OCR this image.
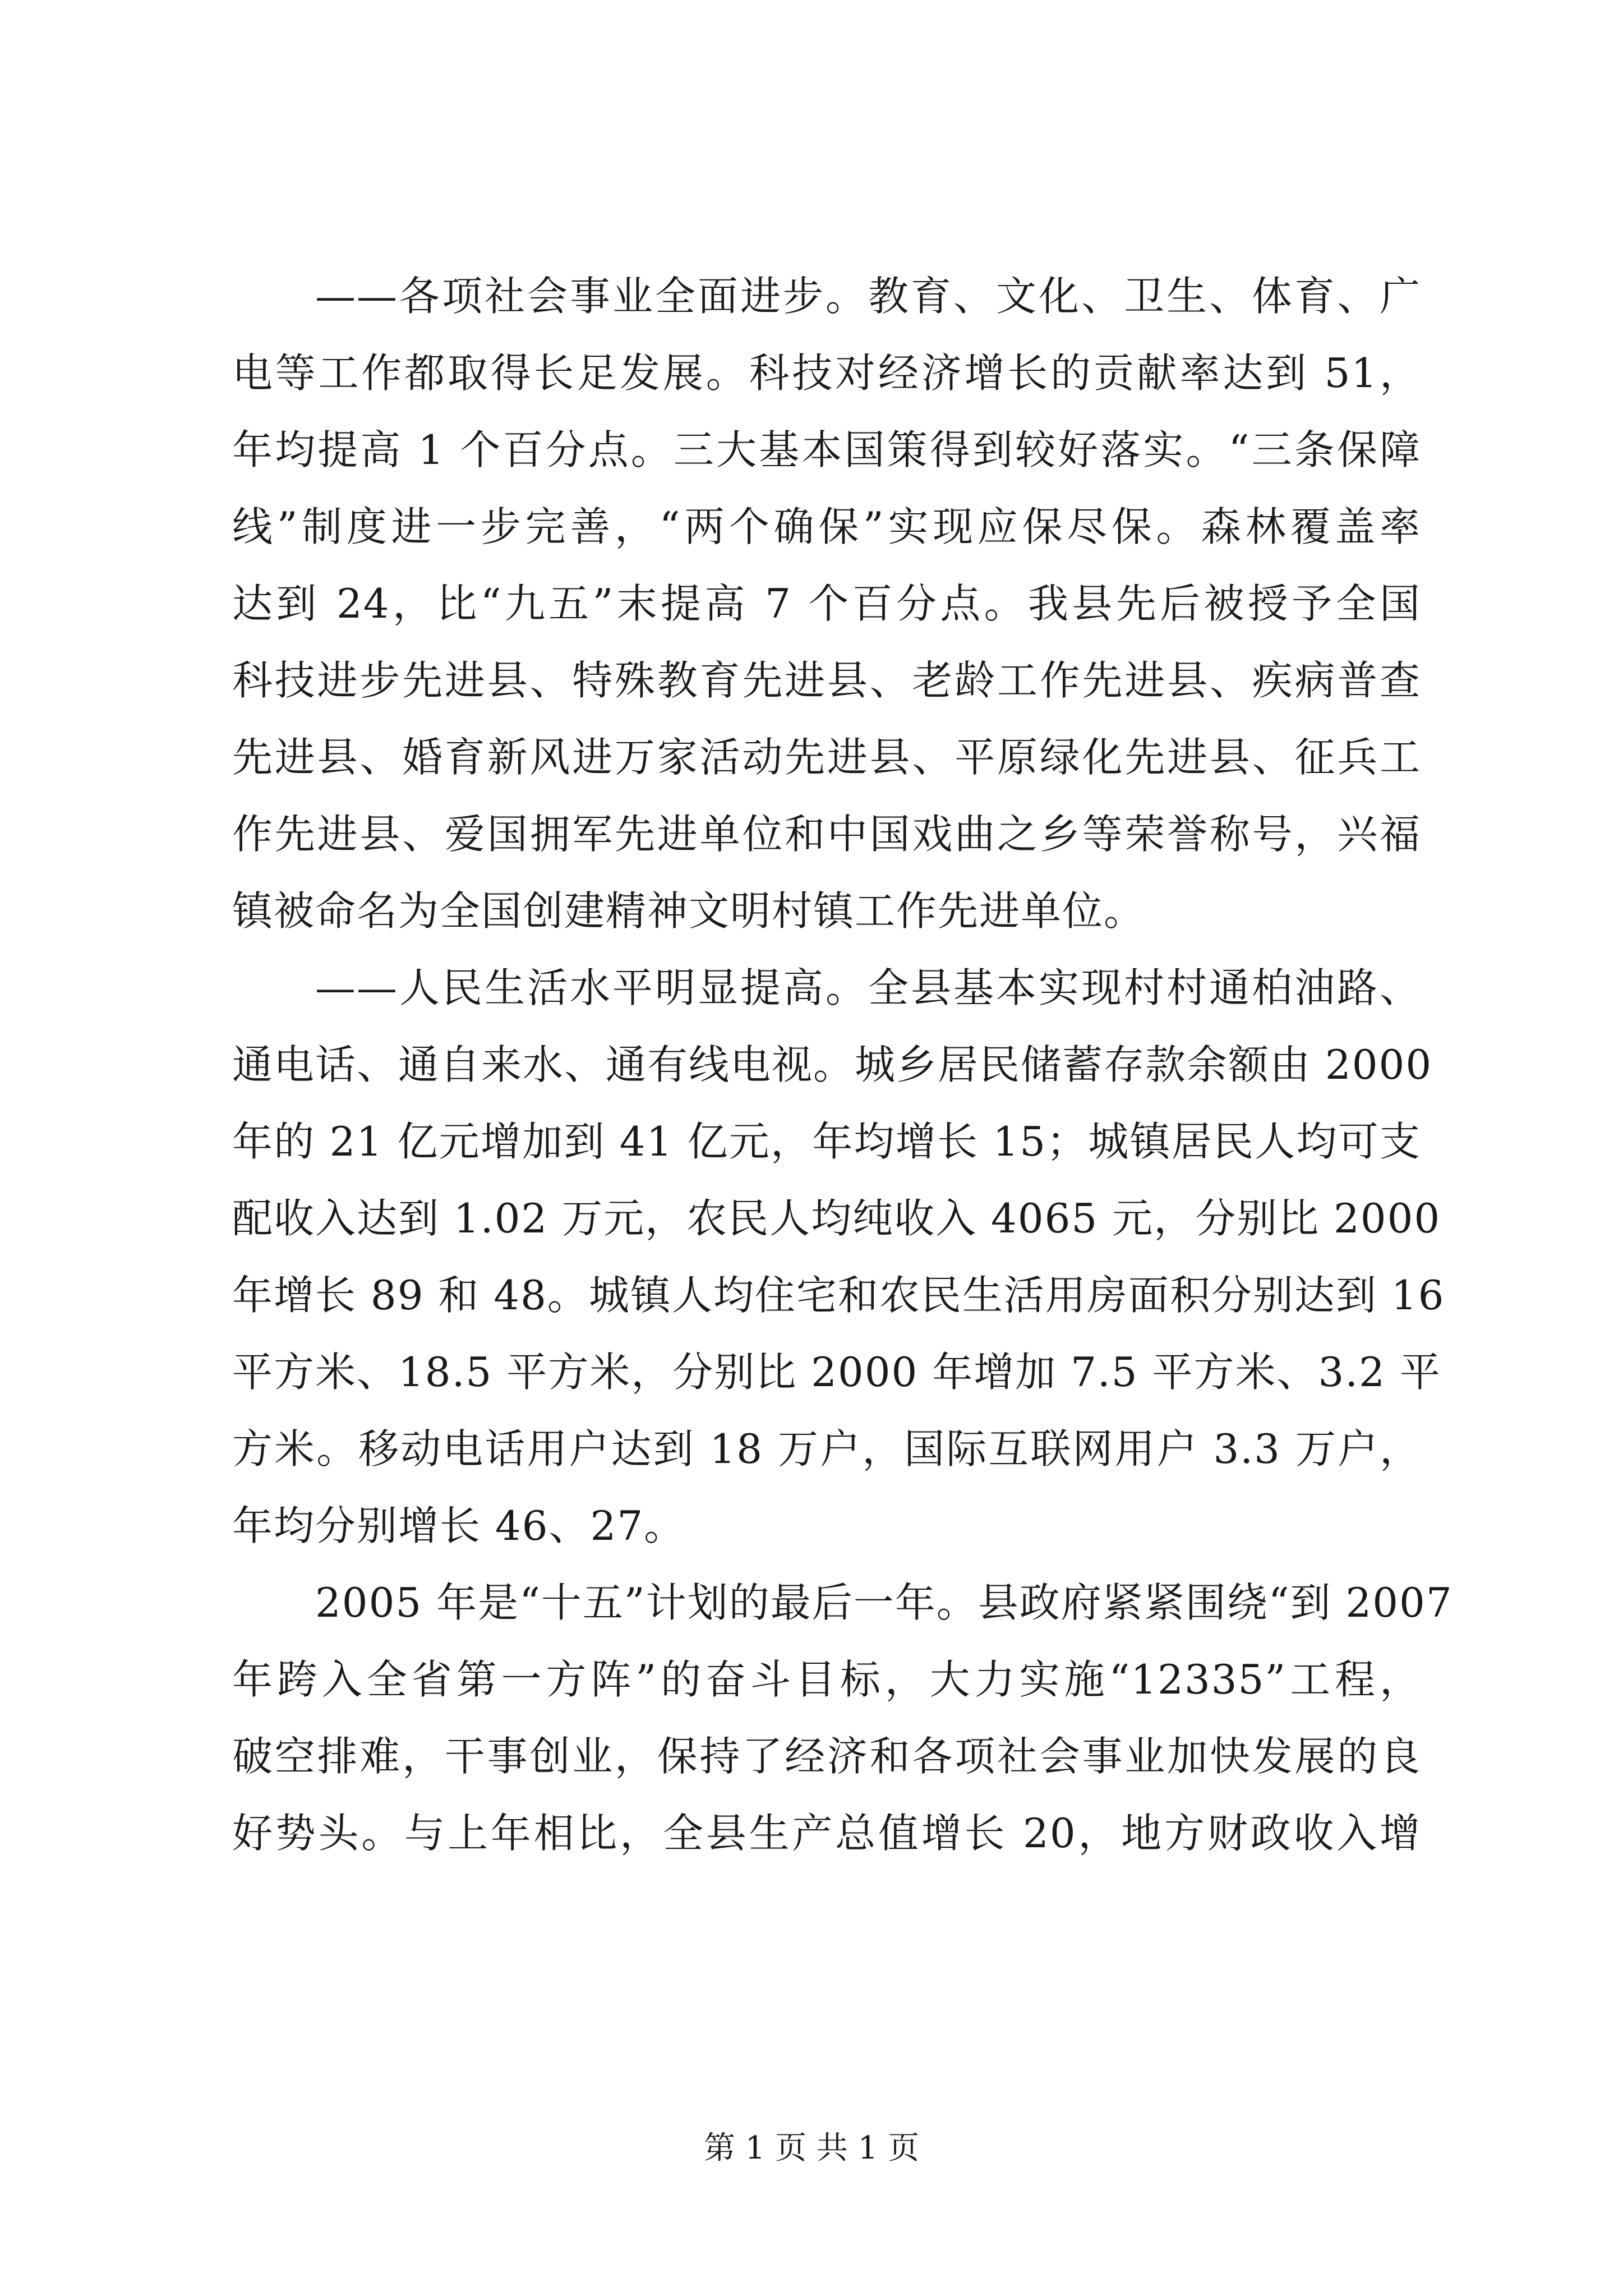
——各项社会事业全面进步。教育、文化、卫生、体育、广
电等工作都取得长足发展。科技对经济增长的贡献率达到 51，
年均提高 1 个百分点。三大基本国策得到较好落实。“三条保障
线”制度进一步完善，“两个确保”实现应保尽保。森林覆盖率
达到 24，比“九五”末提高 7 个百分点。我县先后被授予全国
科技进步先进县、特殊教育先进县、老龄工作先进县、疾病普查
先进县、婚育新风进万家活动先进县、平原绿化先进县、征兵工
作先进县、爱国拥军先进单位和中国戏曲之乡等荣誉称号，兴福
镇被命名为全国创建精神文明村镇工作先进单位。
——人民生活水平明显提高。全县基本实现村村通柏油路、
通电话、通自来水、通有线电视。城乡居民储蓄存款余额由 2000
年的 21 亿元增加到 41 亿元，年均增长 15；城镇居民人均可支
配收入达到 1.02 万元，农民人均纯收入 4065 元，分别比 2000
年增长 89 和 48。城镇人均住宅和农民生活用房面积分别达到 16
平方米、18.5 平方米，分别比 2000 年增加 7.5 平方米、3.2 平
方米。移动电话用户达到 18 万户，国际互联网用户 3.3 万户，
年均分别增长 46、27。
2005 年是“十五”计划的最后一年。县政府紧紧围绕“到 2007
年跨入全省第一方阵”的奋斗目标，大力实施“12335”工程，
破空排难，干事创业，保持了经济和各项社会事业加快发展的良
好势头。与上年相比，全县生产总值增长 20，地方财政收入增
第 1 页 共 1 页
